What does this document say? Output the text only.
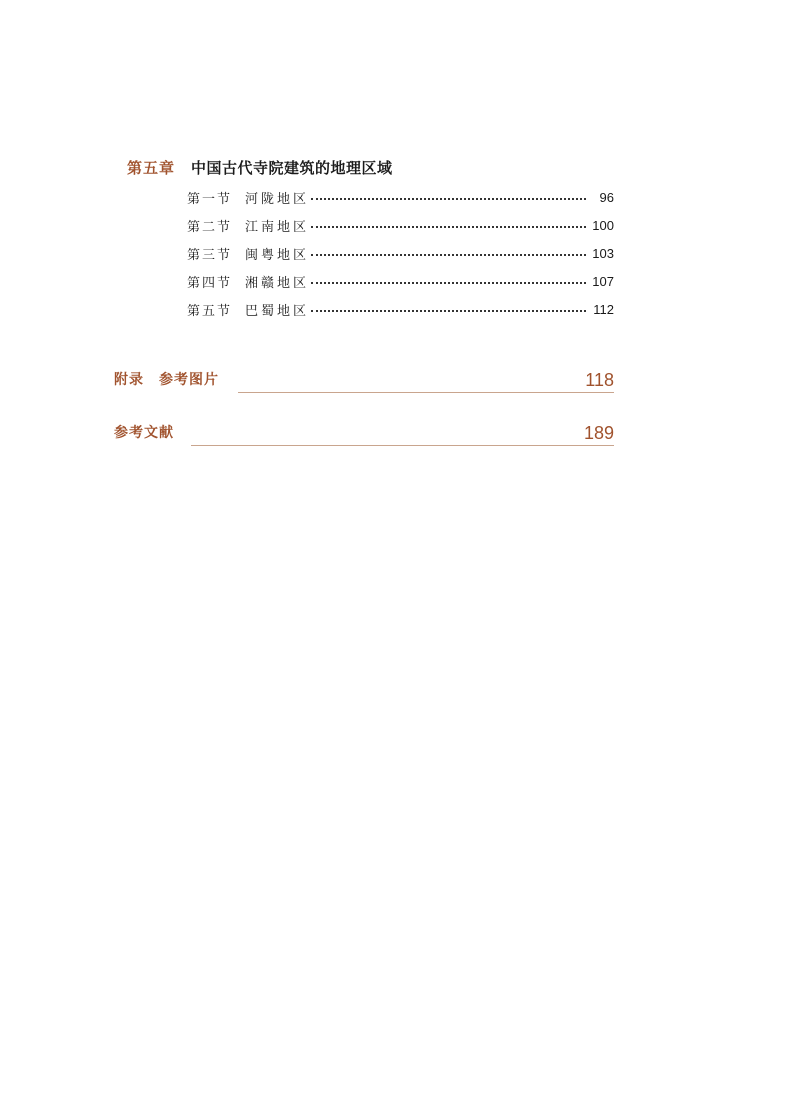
第五章 中国古代寺院建筑的地理区域
第一节 河陇地区	96
第二节 江南地区	100
第三节 闽粤地区	103
第四节 湘赣地区	107
第五节 巴蜀地区	112
附录　参考图片	118
参考文献	189
